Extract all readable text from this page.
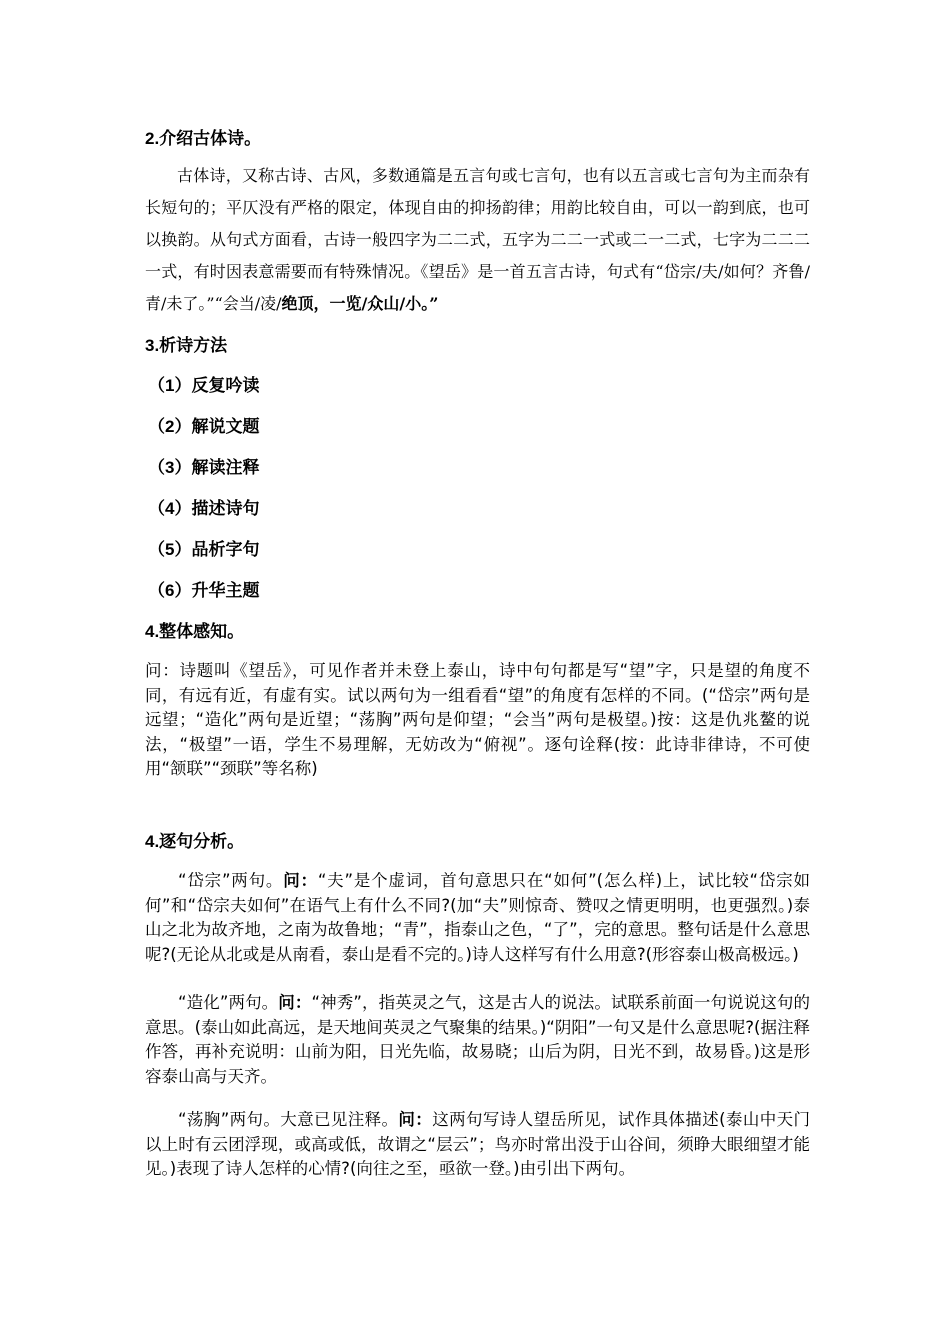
2.介绍古体诗。

古体诗，又称古诗、古风，多数通篇是五言句或七言句，也有以五言或七言句为主而杂有长短句的；平仄没有严格的限定，体现自由的抑扬韵律；用韵比较自由，可以一韵到底，也可以换韵。从句式方面看，古诗一般四字为二二式，五字为二二一式或二一二式，七字为二二二一式，有时因表意需要而有特殊情况。《望岳》是一首五言古诗，句式有“岱宗/夫/如何？齐鲁/青/未了。”“会当/凌/绝顶，一览/众山/小。”

3.析诗方法

（1）反复吟读

（2）解说文题

（3）解读注释

（4）描述诗句

（5）品析字句

（6）升华主题

4.整体感知。

问：诗题叫《望岳》，可见作者并未登上泰山，诗中句句都是写“望”字，只是望的角度不同，有远有近，有虚有实。试以两句为一组看看“望”的角度有怎样的不同。(“岱宗”两句是远望；“造化”两句是近望；“荡胸”两句是仰望；“会当”两句是极望。)按：这是仇兆鳌的说法，“极望”一语，学生不易理解，无妨改为“俯视”。逐句诠释(按：此诗非律诗，不可使用“颔联”“颈联”等名称)

4.逐句分析。

“岱宗”两句。问：“夫”是个虚词，首句意思只在“如何”(怎么样)上，试比较“岱宗如何”和“岱宗夫如何”在语气上有什么不同?(加“夫”则惊奇、赞叹之情更明明，也更强烈。)泰山之北为故齐地，之南为故鲁地；“青”，指泰山之色，“了”，完的意思。整句话是什么意思呢?(无论从北或是从南看，泰山是看不完的。)诗人这样写有什么用意?(形容泰山极高极远。)

“造化”两句。问：“神秀”，指英灵之气，这是古人的说法。试联系前面一句说说这句的意思。(泰山如此高远，是天地间英灵之气聚集的结果。)“阴阳”一句又是什么意思呢?(据注释作答，再补充说明：山前为阳，日光先临，故易晓；山后为阴，日光不到，故易昏。)这是形容泰山高与天齐。

“荡胸”两句。大意已见注释。问：这两句写诗人望岳所见，试作具体描述(泰山中天门以上时有云团浮现，或高或低，故谓之“层云”；鸟亦时常出没于山谷间，须睁大眼细望才能见。)表现了诗人怎样的心情?(向往之至，亟欲一登。)由引出下两句。
